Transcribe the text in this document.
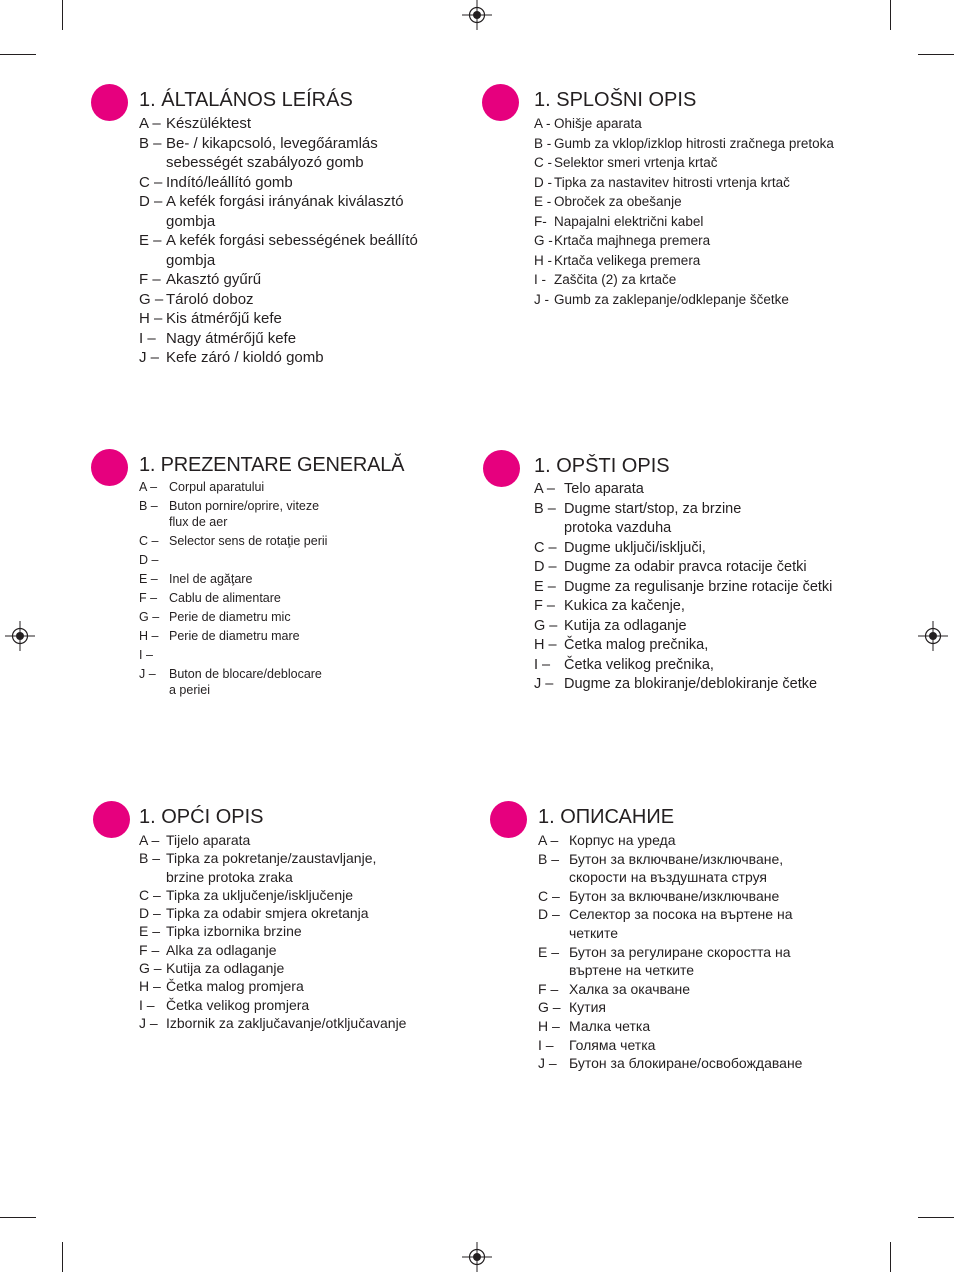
1. ÁLTALÁNOS LEÍRÁS
A – Készüléktest
B – Be- / kikapcsoló, levegőáramlás
sebességét szabályozó gomb
C – Indító/leállító gomb
D – A kefék forgási irányának kiválasztó
gombja
E – A kefék forgási sebességének beállító
gombja
F – Akasztó gyűrű
G – Tároló doboz
H – Kis átmérőjű kefe
I – Nagy átmérőjű kefe
J – Kefe záró / kioldó gomb
1. SPLOŠNI OPIS
A - Ohišje aparata
B - Gumb za vklop/izklop hitrosti zračnega pretoka
C - Selektor smeri vrtenja krtač
D - Tipka za nastavitev hitrosti vrtenja krtač
E - Obroček za obešanje
F- Napajalni električni kabel
G - Krtača majhnega premera
H - Krtača velikega premera
I - Zaščita (2) za krtače
J - Gumb za zaklepanje/odklepanje ščetke
1. PREZENTARE GENERALĂ
A – Corpul aparatului
B – Buton pornire/oprire, viteze
flux de aer
C – Selector sens de rotaţie perii
D –
E – Inel de agăţare
F – Cablu de alimentare
G – Perie de diametru mic
H – Perie de diametru mare
I –
J –	Buton de blocare/deblocare
a periei
1. OPŠTI OPIS
A – Telo aparata
B – Dugme start/stop, za brzine
protoka vazduha
C – Dugme uključi/isključi,
D – Dugme za odabir pravca rotacije četki
E – Dugme za regulisanje brzine rotacije četki
F – Kukica za kačenje,
G – Kutija za odlaganje
H – Četka malog prečnika,
I – Četka velikog prečnika,
J – Dugme za blokiranje/deblokiranje četke
1. OPĆI OPIS
A – Tijelo aparata
B – Tipka za pokretanje/zaustavljanje,
brzine protoka zraka
C – Tipka za uključenje/isključenje
D – Tipka za odabir smjera okretanja
E – Tipka izbornika brzine
F – Alka za odlaganje
G – Kutija za odlaganje
H – Četka malog promjera
I – Četka velikog promjera
J – Izbornik za zaključavanje/otključavanje
1. ОПИСАНИЕ
A – Корпус на уреда
B – Бутон за включване/изключване,
скорости на въздушната струя
C – Бутон за включване/изключване
D – Селектор за посока на въртене на
четките
E – Бутон за регулиране скоростта на
въртене на четките
F – Халка за окачване
G – Кутия
H – Малка четка
I –	Голяма четка
J – Бутон за блокиране/освобождаване
